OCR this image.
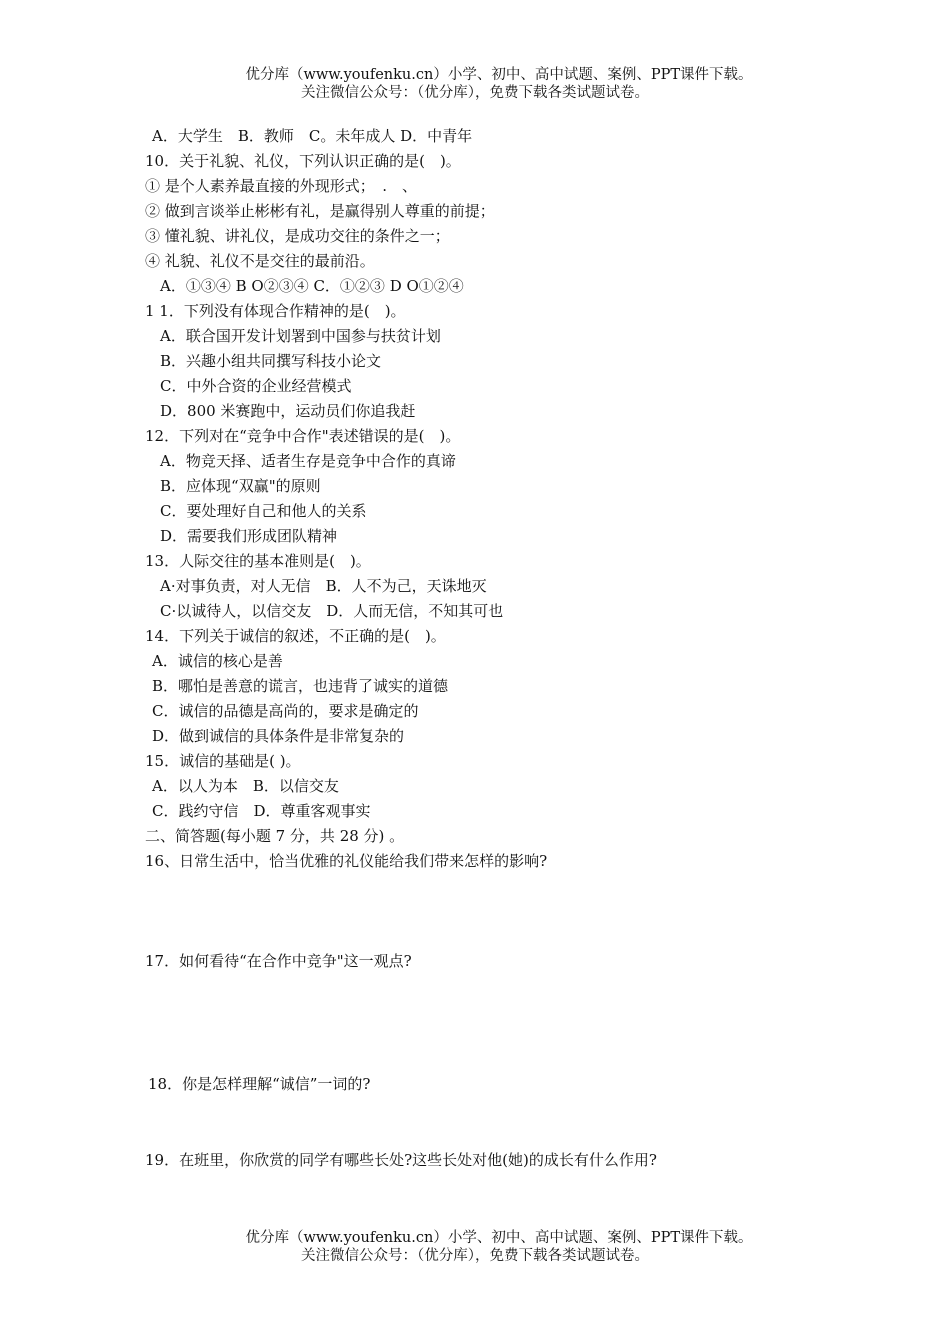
优分库（www.youfenku.cn）小学、初中、高中试题、案例、PPT课件下载。
关注微信公众号：（优分库），免费下载各类试题试卷。
A．大学生　B．教师　C。未年成人 D．中青年
10．关于礼貌、礼仪，下列认识正确的是(　)。
① 是个人素养最直接的外现形式；　.　、
② 做到言谈举止彬彬有礼，是赢得别人尊重的前提；
③ 懂礼貌、讲礼仪，是成功交往的条件之一；
④ 礼貌、礼仪不是交往的最前沿。
A．①③④ B O②③④ C．①②③ D O①②④
1 1．下列没有体现合作精神的是(　)。
A．联合国开发计划署到中国参与扶贫计划
B．兴趣小组共同撰写科技小论文
C．中外合资的企业经营模式
D．800 米赛跑中，运动员们你追我赶
12．下列对在“竞争中合作"表述错误的是(　)。
A．物竞天择、适者生存是竞争中合作的真谛
B．应体现“双赢"的原则
C．要处理好自己和他人的关系
D．需要我们形成团队精神
13．人际交往的基本准则是(　)。
A·对事负责，对人无信　B．人不为己，天诛地灭
C·以诚待人，以信交友　D．人而无信，不知其可也
14．下列关于诚信的叙述，不正确的是(　)。
A．诚信的核心是善
B．哪怕是善意的谎言，也违背了诚实的道德
C．诚信的品德是高尚的，要求是确定的
D．做到诚信的具体条件是非常复杂的
15．诚信的基础是( )。
A．以人为本　B．以信交友
C．践约守信　D．尊重客观事实
二、简答题(每小题 7 分，共 28 分) 。
16、日常生活中，恰当优雅的礼仪能给我们带来怎样的影响?
17．如何看待“在合作中竞争"这一观点?
18．你是怎样理解“诚信”一词的?
19．在班里，你欣赏的同学有哪些长处?这些长处对他(她)的成长有什么作用?
优分库（www.youfenku.cn）小学、初中、高中试题、案例、PPT课件下载。
关注微信公众号：（优分库），免费下载各类试题试卷。
